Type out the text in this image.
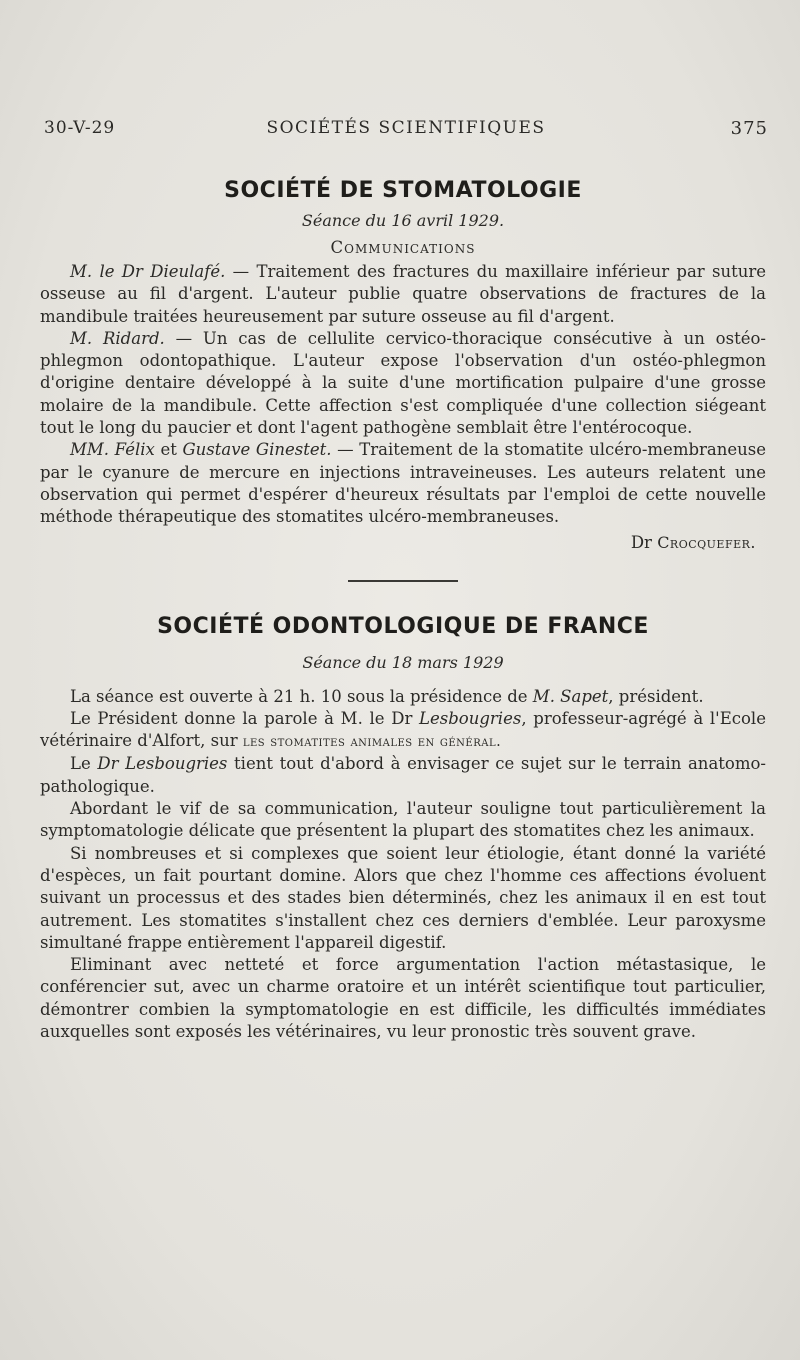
30-V-29	SOCIÉTÉS SCIENTIFIQUES	375
SOCIÉTÉ DE STOMATOLOGIE
Séance du 16 avril 1929.
Communications

M. le Dr Dieulafé. — Traitement des fractures du maxillaire inférieur par suture osseuse au fil d'argent. L'auteur publie quatre observations de fractures de la mandibule traitées heureusement par suture osseuse au fil d'argent.

M. Ridard. — Un cas de cellulite cervico-thoracique consécutive à un ostéo-phlegmon odontopathique. L'auteur expose l'observation d'un ostéo-phlegmon d'origine dentaire développé à la suite d'une mortification pulpaire d'une grosse molaire de la mandibule. Cette affection s'est compliquée d'une collection siégeant tout le long du paucier et dont l'agent pathogène semblait être l'entérocoque.

MM. Félix et Gustave Ginestet. — Traitement de la stomatite ulcéro-membraneuse par le cyanure de mercure en injections intraveineuses. Les auteurs relatent une observation qui permet d'espérer d'heureux résultats par l'emploi de cette nouvelle méthode thérapeutique des stomatites ulcéro-membraneuses.

Dr Crocquefer.
SOCIÉTÉ ODONTOLOGIQUE DE FRANCE
Séance du 18 mars 1929

La séance est ouverte à 21 h. 10 sous la présidence de M. Sapet, président.

Le Président donne la parole à M. le Dr Lesbougries, professeur-agrégé à l'Ecole vétérinaire d'Alfort, sur les stomatites animales en général.

Le Dr Lesbougries tient tout d'abord à envisager ce sujet sur le terrain anatomo-pathologique.

Abordant le vif de sa communication, l'auteur souligne tout particulièrement la symptomatologie délicate que présentent la plupart des stomatites chez les animaux.

Si nombreuses et si complexes que soient leur étiologie, étant donné la variété d'espèces, un fait pourtant domine. Alors que chez l'homme ces affections évoluent suivant un processus et des stades bien déterminés, chez les animaux il en est tout autrement. Les stomatites s'installent chez ces derniers d'emblée. Leur paroxysme simultané frappe entièrement l'appareil digestif.

Eliminant avec netteté et force argumentation l'action métastasique, le conférencier sut, avec un charme oratoire et un intérêt scientifique tout particulier, démontrer combien la symptomatologie en est difficile, les difficultés immédiates auxquelles sont exposés les vétérinaires, vu leur pronostic très souvent grave.
